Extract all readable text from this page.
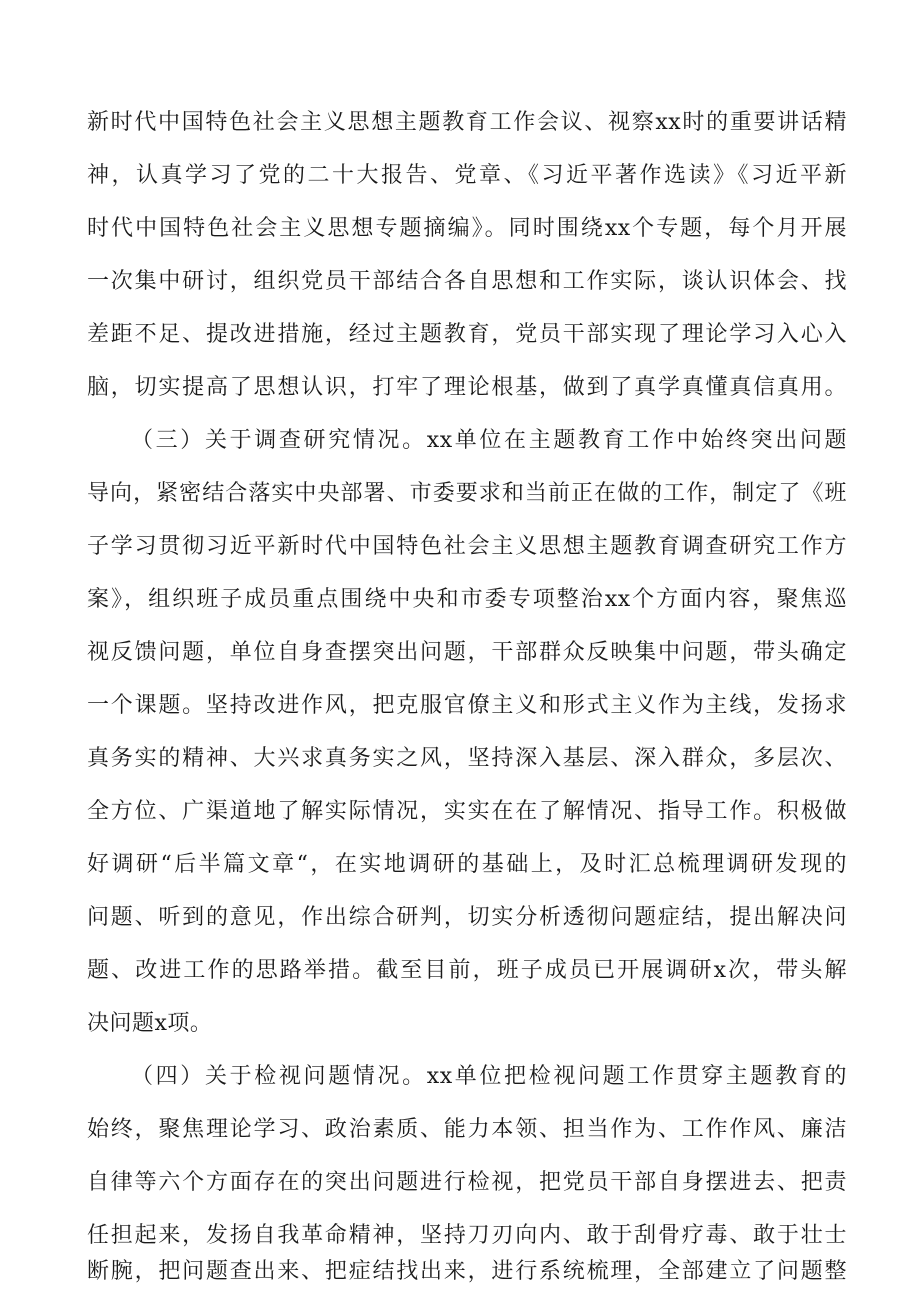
新时代中国特色社会主义思想主题教育工作会议、视察xx时的重要讲话精
神，认真学习了党的二十大报告、党章、《习近平著作选读》《习近平新
时代中国特色社会主义思想专题摘编》。同时围绕xx个专题，每个月开展
一次集中研讨，组织党员干部结合各自思想和工作实际，谈认识体会、找
差距不足、提改进措施，经过主题教育，党员干部实现了理论学习入心入
脑，切实提高了思想认识，打牢了理论根基，做到了真学真懂真信真用。
（三）关于调查研究情况。xx单位在主题教育工作中始终突出问题
导向，紧密结合落实中央部署、市委要求和当前正在做的工作，制定了《班
子学习贯彻习近平新时代中国特色社会主义思想主题教育调查研究工作方
案》，组织班子成员重点围绕中央和市委专项整治xx个方面内容，聚焦巡
视反馈问题，单位自身查摆突出问题，干部群众反映集中问题，带头确定
一个课题。坚持改进作风，把克服官僚主义和形式主义作为主线，发扬求
真务实的精神、大兴求真务实之风，坚持深入基层、深入群众，多层次、
全方位、广渠道地了解实际情况，实实在在了解情况、指导工作。积极做
好调研“后半篇文章“，在实地调研的基础上，及时汇总梳理调研发现的
问题、听到的意见，作出综合研判，切实分析透彻问题症结，提出解决问
题、改进工作的思路举措。截至目前，班子成员已开展调研x次，带头解
决问题x项。
（四）关于检视问题情况。xx单位把检视问题工作贯穿主题教育的
始终，聚焦理论学习、政治素质、能力本领、担当作为、工作作风、廉洁
自律等六个方面存在的突出问题进行检视，把党员干部自身摆进去、把责
任担起来，发扬自我革命精神，坚持刀刃向内、敢于刮骨疗毒、敢于壮士
断腕，把问题查出来、把症结找出来，进行系统梳理，全部建立了问题整
